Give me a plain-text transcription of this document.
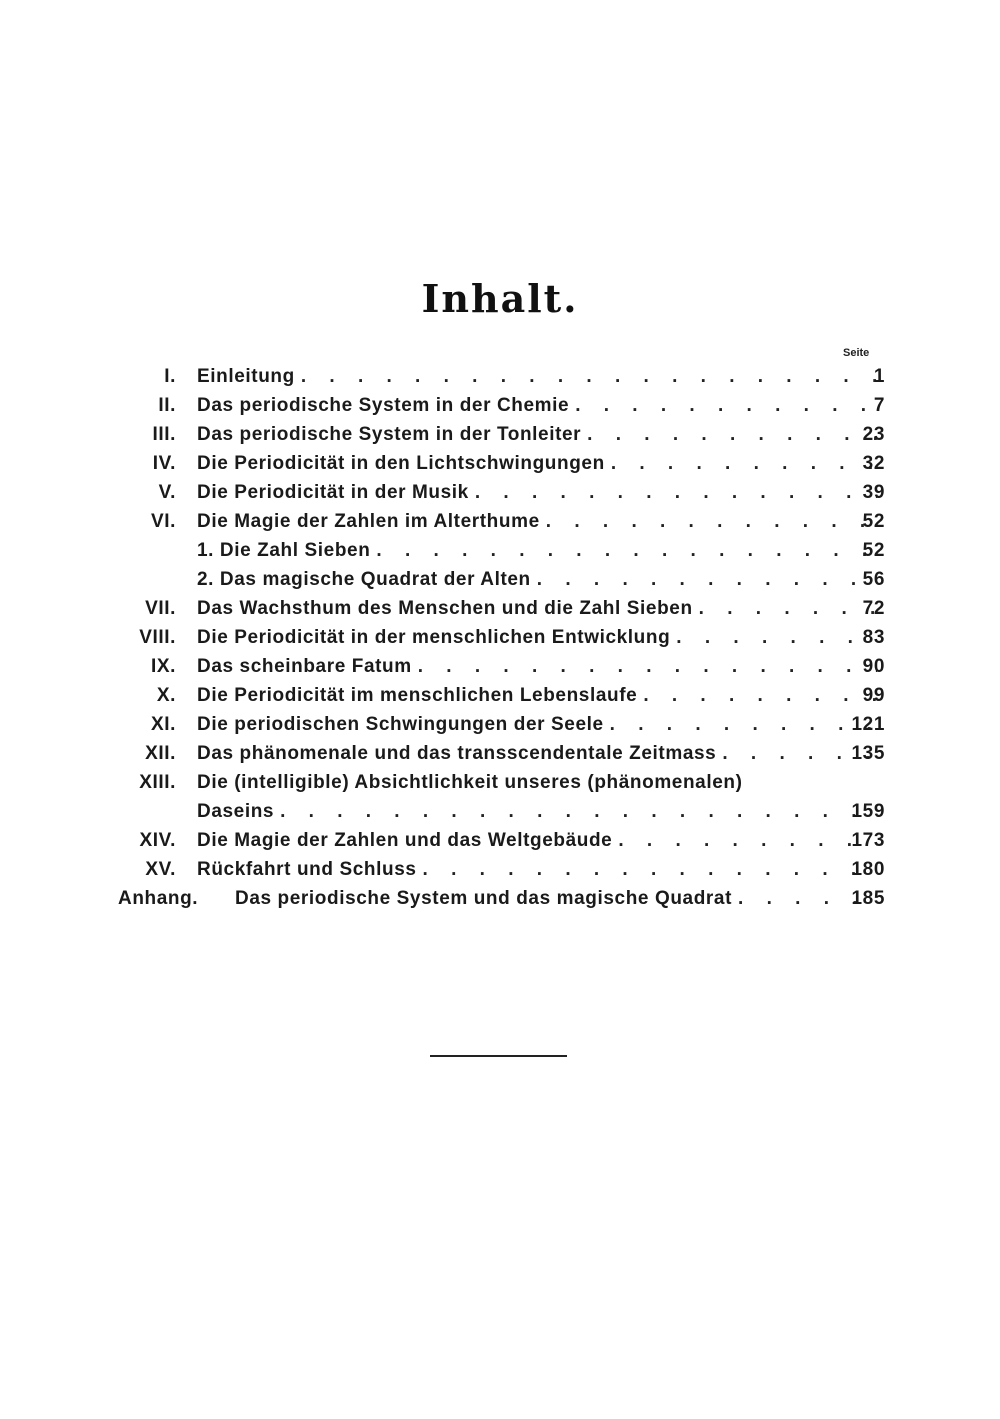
Inhalt.
Seite
I. Einleitung . . .	1
II. Das periodische System in der Chemie . . .	7
III. Das periodische System in der Tonleiter . . .	23
IV. Die Periodicität in den Lichtschwingungen . . .	32
V. Die Periodicität in der Musik . . .	39
VI. Die Magie der Zahlen im Alterthume . . .	52
1. Die Zahl Sieben . . .	52
2. Das magische Quadrat der Alten . . .	56
VII. Das Wachsthum des Menschen und die Zahl Sieben . . .	72
VIII. Die Periodicität in der menschlichen Entwicklung . . .	83
IX. Das scheinbare Fatum . . .	90
X. Die Periodicität im menschlichen Lebenslaufe . . .	99
XI. Die periodischen Schwingungen der Seele . . .	121
XII. Das phänomenale und das transscendentale Zeitmass . . .	135
XIII. Die (intelligible) Absichtlichkeit unseres (phänomenalen)
Daseins . . .	159
XIV. Die Magie der Zahlen und das Weltgebäude . . .	173
XV. Rückfahrt und Schluss . . .	180
Anhang. Das periodische System und das magische Quadrat . . .	185
